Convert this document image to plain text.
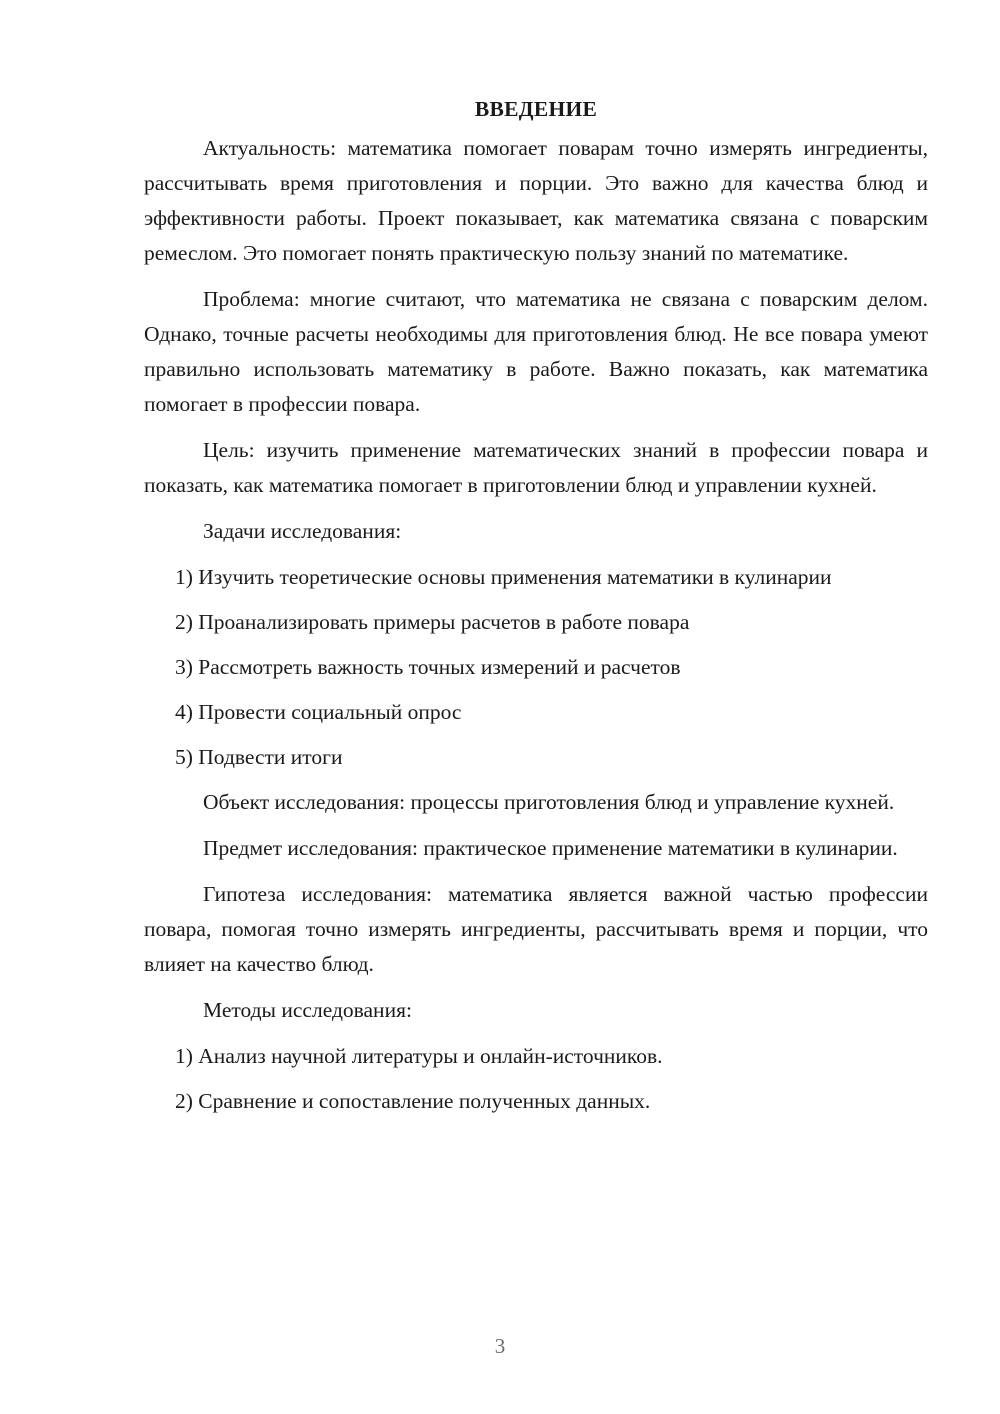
ВВЕДЕНИЕ

Актуальность: математика помогает поварам точно измерять ингредиенты, рассчитывать время приготовления и порции. Это важно для качества блюд и эффективности работы. Проект показывает, как математика связана с поварским ремеслом. Это помогает понять практическую пользу знаний по математике.

Проблема: многие считают, что математика не связана с поварским делом. Однако, точные расчеты необходимы для приготовления блюд. Не все повара умеют правильно использовать математику в работе. Важно показать, как математика помогает в профессии повара.

Цель: изучить применение математических знаний в профессии повара и показать, как математика помогает в приготовлении блюд и управлении кухней.

Задачи исследования:

1) Изучить теоретические основы применения математики в кулинарии

2) Проанализировать примеры расчетов в работе повара

3) Рассмотреть важность точных измерений и расчетов

4) Провести социальный опрос

5) Подвести итоги

Объект исследования: процессы приготовления блюд и управление кухней.

Предмет исследования: практическое применение математики в кулинарии.

Гипотеза исследования: математика является важной частью профессии повара, помогая точно измерять ингредиенты, рассчитывать время и порции, что влияет на качество блюд.

Методы исследования:

1) Анализ научной литературы и онлайн-источников.

2) Сравнение и сопоставление полученных данных.

3
